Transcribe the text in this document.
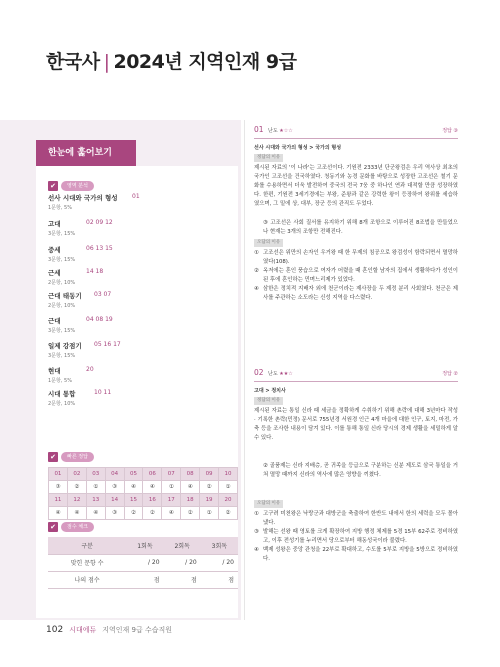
한국사 | 2024년 지역인재 9급
한눈에 훑어보기
✔	영역 분석
선사 시대와 국가의 형성
1문항, 5%
01
고대
3문항, 15%
02 09 12
중세
3문항, 15%
06 13 15
근세
2문항, 10%
14 18
근대 태동기
2문항, 10%
03 07
근대
3문항, 15%
04 08 19
일제 강점기
3문항, 15%
05 16 17
현대
1문항, 5%
20
시대 통합
2문항, 10%
10 11
✔	빠른 정답
01	02	03	04	05	06	07	08	09	10
③	②	①	③	④	④	①	④	②	①
11	12	13	14	15	16	17	18	19	20
④	④	④	③	②	②	④	②	①	②
✔	점수 체크
구분	1회독	2회독	3회독
맞힌 문항 수	/ 20	/ 20	/ 20
나의 점수	점	점	점
01 난도 ★☆☆	정답 ③
선사 시대와 국가의 형성 > 국가의 형성
정답의 이유
제시된 자료의 '이 나라'는 고조선이다. 기원전 2333년 단군왕검은 우리 역사상 최초의 국가인 고조선을 건국하였다. 청동기와 농경 문화를 바탕으로 성장한 고조선은 철기 문화를 수용하면서 더욱 발전하여 중국의 전국 7웅 중 하나인 연과 대적할 만큼 성장하였다. 한편, 기원전 3세기경에는 부왕, 준왕과 같은 강력한 왕이 등장하여 왕위를 세습하였으며, 그 밑에 상, 대부, 장군 등의 관직도 두었다.
③ 고조선은 사회 질서를 유지하기 위해 8개 조항으로 이루어진 8조법을 만들었으나 현재는 3개의 조항만 전해진다.
오답의 이유
① 고조선은 위만의 손자인 우거왕 때 한 무제의 침공으로 왕검성이 함락되면서 멸망하였다(108).
② 옥저에는 혼인 풍습으로 여자가 어렸을 때 혼인할 남자의 집에서 생활하다가 성인이 된 후에 혼인하는 민며느리제가 있었다.
④ 삼한은 정치적 지배자 외에 천군이라는 제사장을 두 제정 분리 사회였다. 천군은 제사를 주관하는 소도라는 신성 지역을 다스렸다.
02 난도 ★★☆	정답 ②
고대 > 정치사
정답의 이유
제시된 자료는 통일 신라 때 세금을 정확하게 수취하기 위해 촌락에 대해 3년마다 작성 · 기록한 촌락(민정) 문서로 755년경 서원경 인근 4개 마을에 대한 인구, 토지, 마전, 가축 등을 조사한 내용이 담겨 있다. 이를 통해 통일 신라 당시의 경제 생활을 세밀하게 알 수 있다.
② 골품제는 신라 지배층, 곧 귀족을 등급으로 구분하는 신분 제도로 삼국 통일을 거쳐 멸망 때까지 신라의 역사에 많은 영향을 끼쳤다.
오답의 이유
① 고구려 미천왕은 낙랑군과 대방군을 축출하여 한반도 내에서 한의 세력을 모두 몰아냈다.
③ 발해는 선왕 때 영토를 크게 확장하여 지방 행정 체제를 5경 15부 62주로 정비하였고, 이후 전성기를 누리면서 당으로부터 해동성국이라 불렸다.
④ 백제 성왕은 중앙 관청을 22부로 확대하고, 수도를 5부로 지방을 5방으로 정비하였다.
102 시대에듀 지역인재 9급 수습직원
